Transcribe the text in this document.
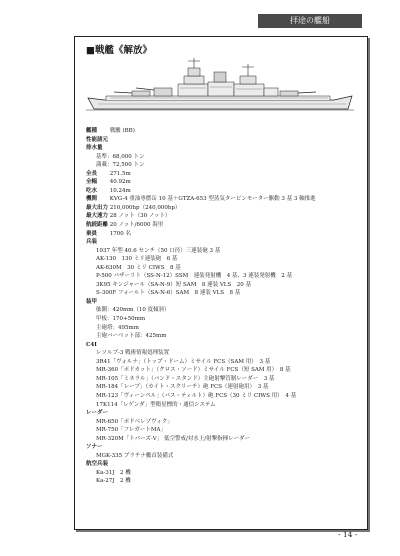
拝途の艦船
■戦艦《解放》
艦種 戦艦 (BB)
性能諸元
排水量
基準：68,000 トン
満載：72,500 トン
全長 271.5m
全幅 40.92m
吃水 10.24m
機関 KVG-4 重油専燃缶 10 基＋GTZA-653 型蒸気タービンモーター駆動 3 基 3 軸推進
最大出力 210,000hp（240,000hp）
最大速力 28 ノット（30 ノット）
航続距離 20 ノット/6000 海里
乗員 1700 名
兵装
1937 年型 40.6 センチ（50 口径）三連装砲 3 基
AK-130　130 ミリ連装砲　6 基
AK-630M　30 ミリ CIWS　8 基
P-500 バザーリト（SS-N-12）SSM　連装発射機　4 基、3 連装発射機　2 基
3K95 キンジャール（SA-N-9）短 SAM　8 連装 VLS　20 基
S-300F フォールト（SA-N-6）SAM　8 連装 VLS　8 基
装甲
舷側：420mm（10 度傾斜）
甲板：170+50mm
主砲塔：495mm
主砲バーベット部：425mm
C4I
レソルブ-3 戦術情報処理装置
3R41「ヴォルナ」（トップ・ドーム）ミサイル FCS（SAM 用）　3 基
MR-360「ポドカット」（クロス・ソード）ミサイル FCS（短 SAM 用）　8 基
MR-105「ミネラル」（バンド・スタンド）主砲射撃管制レーダー　3 基
MR-184「レーブ」（カイト・スクリーチ）砲 FCS（連射砲用）　3 基
MR-123「ヴィーンペル」（バス・ティルト）砲 FCS（30 ミリ CIWS 用）　4 基
17K114「レゲンダ」型衛星標的・通信システム
レーダー
MR-650「ポドベレゾヴィク」
MR-750「フレガートMA」
MR-320M「トパーズ-V」 低空警戒/対水上/射撃指揮レーダー
ソナー
MGK-335 プラチナ艦首装備式
航空兵装
Ka-31J　2 機
Ka-27J　2 機
- 14 -
